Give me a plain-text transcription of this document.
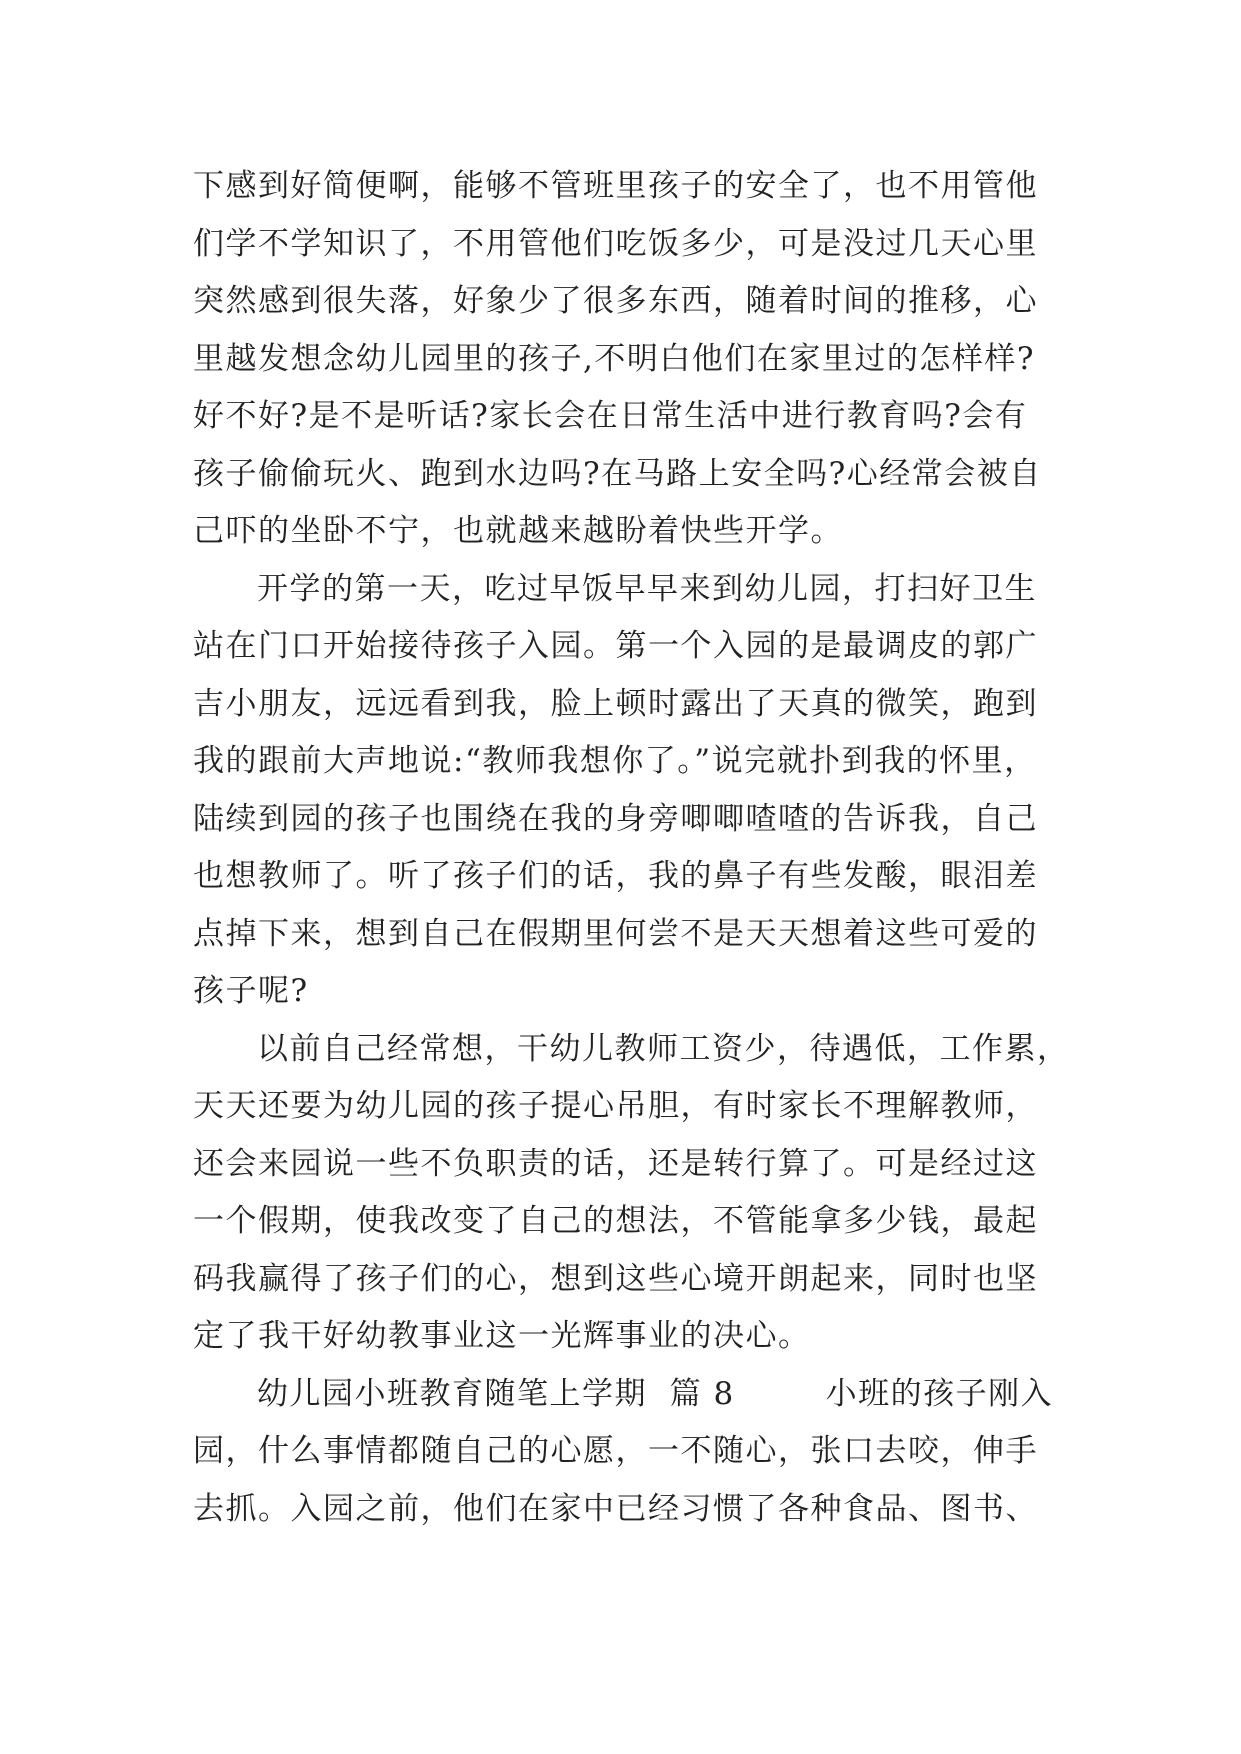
下感到好简便啊，能够不管班里孩子的安全了，也不用管他
们学不学知识了，不用管他们吃饭多少，可是没过几天心里
突然感到很失落，好象少了很多东西，随着时间的推移，心
里越发想念幼儿园里的孩子,不明白他们在家里过的怎样样?
好不好?是不是听话?家长会在日常生活中进行教育吗?会有
孩子偷偷玩火、跑到水边吗?在马路上安全吗?心经常会被自
己吓的坐卧不宁，也就越来越盼着快些开学。
开学的第一天，吃过早饭早早来到幼儿园，打扫好卫生
站在门口开始接待孩子入园。第一个入园的是最调皮的郭广
吉小朋友，远远看到我，脸上顿时露出了天真的微笑，跑到
我的跟前大声地说:“教师我想你了。”说完就扑到我的怀里，
陆续到园的孩子也围绕在我的身旁唧唧喳喳的告诉我，自己
也想教师了。听了孩子们的话，我的鼻子有些发酸，眼泪差
点掉下来，想到自己在假期里何尝不是天天想着这些可爱的
孩子呢?
以前自己经常想，干幼儿教师工资少，待遇低，工作累，
天天还要为幼儿园的孩子提心吊胆，有时家长不理解教师，
还会来园说一些不负职责的话，还是转行算了。可是经过这
一个假期，使我改变了自己的想法，不管能拿多少钱，最起
码我赢得了孩子们的心，想到这些心境开朗起来，同时也坚
定了我干好幼教事业这一光辉事业的决心。
幼儿园小班教育随笔上学期  篇 8        小班的孩子刚入
园，什么事情都随自己的心愿，一不随心，张口去咬，伸手
去抓。入园之前，他们在家中已经习惯了各种食品、图书、
